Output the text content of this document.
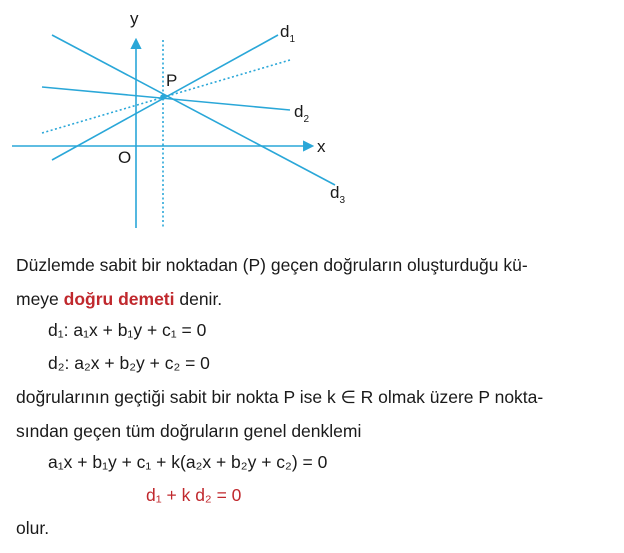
y
x
O
P
$d_1$
$d_2$
$d_3$
Düzlemde sabit bir noktadan (P) geçen doğruların oluşturduğu kü-
meye doğru demeti denir.
d₁: a₁x + b₁y + c₁ = 0
d₂: a₂x + b₂y + c₂ = 0
doğrularının geçtiği sabit bir nokta P ise k ∈ R olmak üzere P nokta-
sından geçen tüm doğruların genel denklemi
a₁x + b₁y + c₁ + k(a₂x + b₂y + c₂) = 0
d₁ + k d₂ = 0
olur.
